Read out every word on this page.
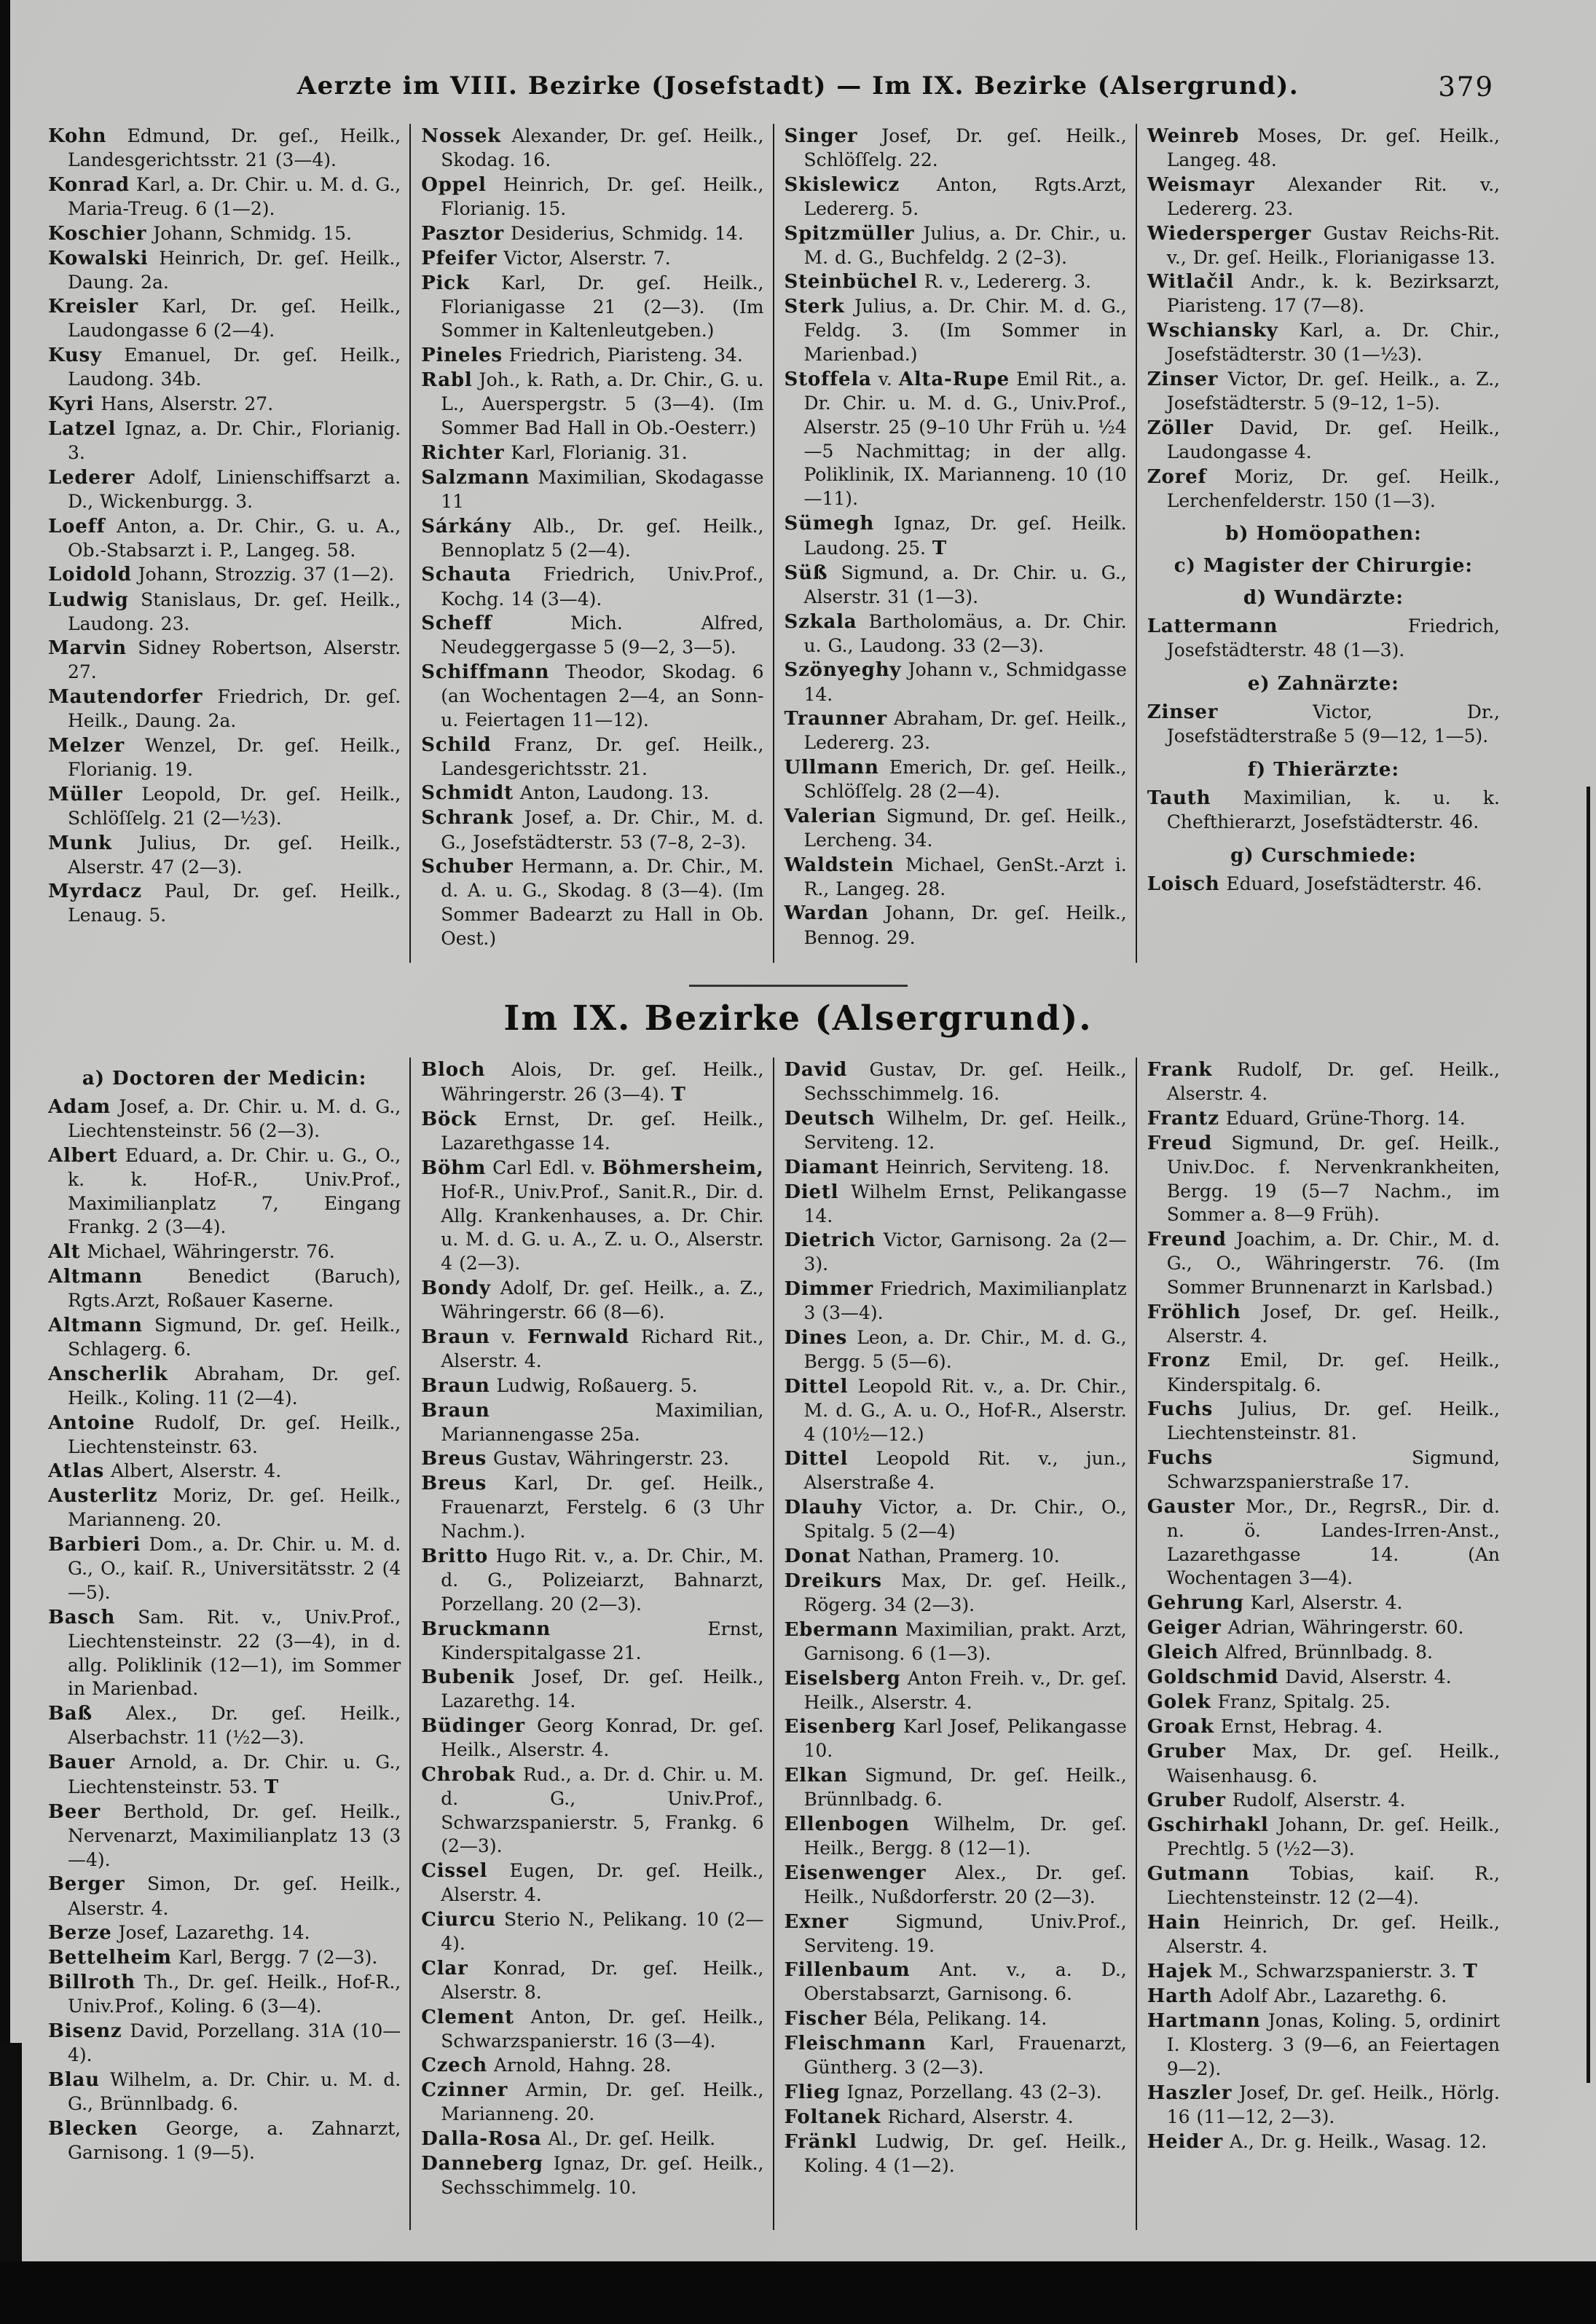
Aerzte im VIII. Bezirke (Josefstadt) — Im IX. Bezirke (Alsergrund).	379
Kohn Edmund, Dr. geſ., Heilk., Landesgerichtsstr. 21 (3—4).
Konrad Karl, a. Dr. Chir. u. M. d. G., Maria-Treug. 6 (1—2).
Koschier Johann, Schmidg. 15.
Kowalski Heinrich, Dr. geſ. Heilk., Daung. 2a.
Kreisler Karl, Dr. geſ. Heilk., Laudongasse 6 (2—4).
Kusy Emanuel, Dr. geſ. Heilk., Laudong. 34b.
Kyri Hans, Alserstr. 27.
Latzel Ignaz, a. Dr. Chir., Florianig. 3.
Lederer Adolf, Linienschiffsarzt a. D., Wickenburgg. 3.
Loeff Anton, a. Dr. Chir., G. u. A., Ob.-Stabsarzt i. P., Langeg. 58.
Loidold Johann, Strozzig. 37 (1—2).
Ludwig Stanislaus, Dr. geſ. Heilk., Laudong. 23.
Marvin Sidney Robertson, Alserstr. 27.
Mautendorfer Friedrich, Dr. geſ. Heilk., Daung. 2a.
Melzer Wenzel, Dr. geſ. Heilk., Florianig. 19.
Müller Leopold, Dr. geſ. Heilk., Schlöſſelg. 21 (2—½3).
Munk Julius, Dr. geſ. Heilk., Alserstr. 47 (2—3).
Myrdacz Paul, Dr. geſ. Heilk., Lenaug. 5.
Nossek Alexander, Dr. geſ. Heilk., Skodag. 16.
Oppel Heinrich, Dr. geſ. Heilk., Florianig. 15.
Pasztor Desiderius, Schmidg. 14.
Pfeifer Victor, Alserstr. 7.
Pick Karl, Dr. geſ. Heilk., Florianigasse 21 (2—3). (Im Sommer in Kaltenleutgeben.)
Pineles Friedrich, Piaristeng. 34.
Rabl Joh., k. Rath, a. Dr. Chir., G. u. L., Auerspergstr. 5 (3—4). (Im Sommer Bad Hall in Ob.-Oesterr.)
Richter Karl, Florianig. 31.
Salzmann Maximilian, Skodagasse 11
Sárkány Alb., Dr. geſ. Heilk., Bennoplatz 5 (2—4).
Schauta Friedrich, Univ.Prof., Kochg. 14 (3—4).
Scheff Mich. Alfred, Neudeggergasse 5 (9—2, 3—5).
Schiffmann Theodor, Skodag. 6 (an Wochentagen 2—4, an Sonn- u. Feiertagen 11—12).
Schild Franz, Dr. geſ. Heilk., Landesgerichtsstr. 21.
Schmidt Anton, Laudong. 13.
Schrank Josef, a. Dr. Chir., M. d. G., Josefstädterstr. 53 (7–8, 2–3).
Schuber Hermann, a. Dr. Chir., M. d. A. u. G., Skodag. 8 (3—4). (Im Sommer Badearzt zu Hall in Ob. Oest.)
Singer Josef, Dr. geſ. Heilk., Schlöſſelg. 22.
Skislewicz Anton, Rgts.Arzt, Ledererg. 5.
Spitzmüller Julius, a. Dr. Chir., u. M. d. G., Buchfeldg. 2 (2–3).
Steinbüchel R. v., Ledererg. 3.
Sterk Julius, a. Dr. Chir. M. d. G., Feldg. 3. (Im Sommer in Marienbad.)
Stoffela v. Alta-Rupe Emil Rit., a. Dr. Chir. u. M. d. G., Univ.Prof., Alserstr. 25 (9–10 Uhr Früh u. ½4—5 Nachmittag; in der allg. Poliklinik, IX. Marianneng. 10 (10—11).
Sümegh Ignaz, Dr. geſ. Heilk. Laudong. 25. T
Süß Sigmund, a. Dr. Chir. u. G., Alserstr. 31 (1—3).
Szkala Bartholomäus, a. Dr. Chir. u. G., Laudong. 33 (2—3).
Szönyeghy Johann v., Schmidgasse 14.
Traunner Abraham, Dr. geſ. Heilk., Ledererg. 23.
Ullmann Emerich, Dr. geſ. Heilk., Schlöſſelg. 28 (2—4).
Valerian Sigmund, Dr. geſ. Heilk., Lercheng. 34.
Waldstein Michael, GenSt.-Arzt i. R., Langeg. 28.
Wardan Johann, Dr. geſ. Heilk., Bennog. 29.
Weinreb Moses, Dr. geſ. Heilk., Langeg. 48.
Weismayr Alexander Rit. v., Ledererg. 23.
Wiedersperger Gustav Reichs-Rit. v., Dr. geſ. Heilk., Florianigasse 13.
Witlačil Andr., k. k. Bezirksarzt, Piaristeng. 17 (7—8).
Wschiansky Karl, a. Dr. Chir., Josefstädterstr. 30 (1—½3).
Zinser Victor, Dr. geſ. Heilk., a. Z., Josefstädterstr. 5 (9–12, 1–5).
Zöller David, Dr. geſ. Heilk., Laudongasse 4.
Zoref Moriz, Dr. geſ. Heilk., Lerchenfelderstr. 150 (1—3).
b) Homöopathen:
c) Magister der Chirurgie:
d) Wundärzte:
Lattermann Friedrich, Josefstädterstr. 48 (1—3).
e) Zahnärzte:
Zinser Victor, Dr., Josefstädterstraße 5 (9—12, 1—5).
f) Thierärzte:
Tauth Maximilian, k. u. k. Chefthierarzt, Josefstädterstr. 46.
g) Curschmiede:
Loisch Eduard, Josefstädterstr. 46.
Im IX. Bezirke (Alsergrund).
a) Doctoren der Medicin:
Adam Josef, a. Dr. Chir. u. M. d. G., Liechtensteinstr. 56 (2—3).
Albert Eduard, a. Dr. Chir. u. G., O., k. k. Hof-R., Univ.Prof., Maximilianplatz 7, Eingang Frankg. 2 (3—4).
Alt Michael, Währingerstr. 76.
Altmann Benedict (Baruch), Rgts.Arzt, Roßauer Kaserne.
Altmann Sigmund, Dr. geſ. Heilk., Schlagerg. 6.
Anscherlik Abraham, Dr. geſ. Heilk., Koling. 11 (2—4).
Antoine Rudolf, Dr. geſ. Heilk., Liechtensteinstr. 63.
Atlas Albert, Alserstr. 4.
Austerlitz Moriz, Dr. geſ. Heilk., Marianneng. 20.
Barbieri Dom., a. Dr. Chir. u. M. d. G., O., kaiſ. R., Universitätsstr. 2 (4—5).
Basch Sam. Rit. v., Univ.Prof., Liechtensteinstr. 22 (3—4), in d. allg. Poliklinik (12—1), im Sommer in Marienbad.
Baß Alex., Dr. geſ. Heilk., Alserbachstr. 11 (½2—3).
Bauer Arnold, a. Dr. Chir. u. G., Liechtensteinstr. 53. T
Beer Berthold, Dr. geſ. Heilk., Nervenarzt, Maximilianplatz 13 (3—4).
Berger Simon, Dr. geſ. Heilk., Alserstr. 4.
Berze Josef, Lazarethg. 14.
Bettelheim Karl, Bergg. 7 (2—3).
Billroth Th., Dr. geſ. Heilk., Hof-R., Univ.Prof., Koling. 6 (3—4).
Bisenz David, Porzellang. 31A (10—4).
Blau Wilhelm, a. Dr. Chir. u. M. d. G., Brünnlbadg. 6.
Blecken George, a. Zahnarzt, Garnisong. 1 (9—5).
Bloch Alois, Dr. geſ. Heilk., Währingerstr. 26 (3—4). T
Böck Ernst, Dr. geſ. Heilk., Lazarethgasse 14.
Böhm Carl Edl. v. Böhmersheim, Hof-R., Univ.Prof., Sanit.R., Dir. d. Allg. Krankenhauses, a. Dr. Chir. u. M. d. G. u. A., Z. u. O., Alserstr. 4 (2—3).
Bondy Adolf, Dr. geſ. Heilk., a. Z., Währingerstr. 66 (8—6).
Braun v. Fernwald Richard Rit., Alserstr. 4.
Braun Ludwig, Roßauerg. 5.
Braun Maximilian, Mariannengasse 25a.
Breus Gustav, Währingerstr. 23.
Breus Karl, Dr. geſ. Heilk., Frauenarzt, Ferstelg. 6 (3 Uhr Nachm.).
Britto Hugo Rit. v., a. Dr. Chir., M. d. G., Polizeiarzt, Bahnarzt, Porzellang. 20 (2—3).
Bruckmann Ernst, Kinderspitalgasse 21.
Bubenik Josef, Dr. geſ. Heilk., Lazarethg. 14.
Büdinger Georg Konrad, Dr. geſ. Heilk., Alserstr. 4.
Chrobak Rud., a. Dr. d. Chir. u. M. d. G., Univ.Prof., Schwarzspanierstr. 5, Frankg. 6 (2—3).
Cissel Eugen, Dr. geſ. Heilk., Alserstr. 4.
Ciurcu Sterio N., Pelikang. 10 (2—4).
Clar Konrad, Dr. geſ. Heilk., Alserstr. 8.
Clement Anton, Dr. geſ. Heilk., Schwarzspanierstr. 16 (3—4).
Czech Arnold, Hahng. 28.
Czinner Armin, Dr. geſ. Heilk., Marianneng. 20.
Dalla-Rosa Al., Dr. geſ. Heilk.
Danneberg Ignaz, Dr. geſ. Heilk., Sechsschimmelg. 10.
David Gustav, Dr. geſ. Heilk., Sechsschimmelg. 16.
Deutsch Wilhelm, Dr. geſ. Heilk., Serviteng. 12.
Diamant Heinrich, Serviteng. 18.
Dietl Wilhelm Ernst, Pelikangasse 14.
Dietrich Victor, Garnisong. 2a (2—3).
Dimmer Friedrich, Maximilianplatz 3 (3—4).
Dines Leon, a. Dr. Chir., M. d. G., Bergg. 5 (5—6).
Dittel Leopold Rit. v., a. Dr. Chir., M. d. G., A. u. O., Hof-R., Alserstr. 4 (10½—12.)
Dittel Leopold Rit. v., jun., Alserstraße 4.
Dlauhy Victor, a. Dr. Chir., O., Spitalg. 5 (2—4)
Donat Nathan, Pramerg. 10.
Dreikurs Max, Dr. geſ. Heilk., Rögerg. 34 (2—3).
Ebermann Maximilian, prakt. Arzt, Garnisong. 6 (1—3).
Eiselsberg Anton Freih. v., Dr. geſ. Heilk., Alserstr. 4.
Eisenberg Karl Josef, Pelikangasse 10.
Elkan Sigmund, Dr. geſ. Heilk., Brünnlbadg. 6.
Ellenbogen Wilhelm, Dr. geſ. Heilk., Bergg. 8 (12—1).
Eisenwenger Alex., Dr. geſ. Heilk., Nußdorferstr. 20 (2—3).
Exner Sigmund, Univ.Prof., Serviteng. 19.
Fillenbaum Ant. v., a. D., Oberstabsarzt, Garnisong. 6.
Fischer Béla, Pelikang. 14.
Fleischmann Karl, Frauenarzt, Güntherg. 3 (2—3).
Flieg Ignaz, Porzellang. 43 (2–3).
Foltanek Richard, Alserstr. 4.
Fränkl Ludwig, Dr. geſ. Heilk., Koling. 4 (1—2).
Frank Rudolf, Dr. geſ. Heilk., Alserstr. 4.
Frantz Eduard, Grüne-Thorg. 14.
Freud Sigmund, Dr. geſ. Heilk., Univ.Doc. f. Nervenkrankheiten, Bergg. 19 (5—7 Nachm., im Sommer a. 8—9 Früh).
Freund Joachim, a. Dr. Chir., M. d. G., O., Währingerstr. 76. (Im Sommer Brunnenarzt in Karlsbad.)
Fröhlich Josef, Dr. geſ. Heilk., Alserstr. 4.
Fronz Emil, Dr. geſ. Heilk., Kinderspitalg. 6.
Fuchs Julius, Dr. geſ. Heilk., Liechtensteinstr. 81.
Fuchs Sigmund, Schwarzspanierstraße 17.
Gauster Mor., Dr., RegrsR., Dir. d. n. ö. Landes-Irren-Anst., Lazarethgasse 14. (An Wochentagen 3—4).
Gehrung Karl, Alserstr. 4.
Geiger Adrian, Währingerstr. 60.
Gleich Alfred, Brünnlbadg. 8.
Goldschmid David, Alserstr. 4.
Golek Franz, Spitalg. 25.
Groak Ernst, Hebrag. 4.
Gruber Max, Dr. geſ. Heilk., Waisenhausg. 6.
Gruber Rudolf, Alserstr. 4.
Gschirhakl Johann, Dr. geſ. Heilk., Prechtlg. 5 (½2—3).
Gutmann Tobias, kaiſ. R., Liechtensteinstr. 12 (2—4).
Hain Heinrich, Dr. geſ. Heilk., Alserstr. 4.
Hajek M., Schwarzspanierstr. 3. T
Harth Adolf Abr., Lazarethg. 6.
Hartmann Jonas, Koling. 5, ordinirt I. Klosterg. 3 (9—6, an Feiertagen 9—2).
Haszler Josef, Dr. geſ. Heilk., Hörlg. 16 (11—12, 2—3).
Heider A., Dr. g. Heilk., Wasag. 12.
